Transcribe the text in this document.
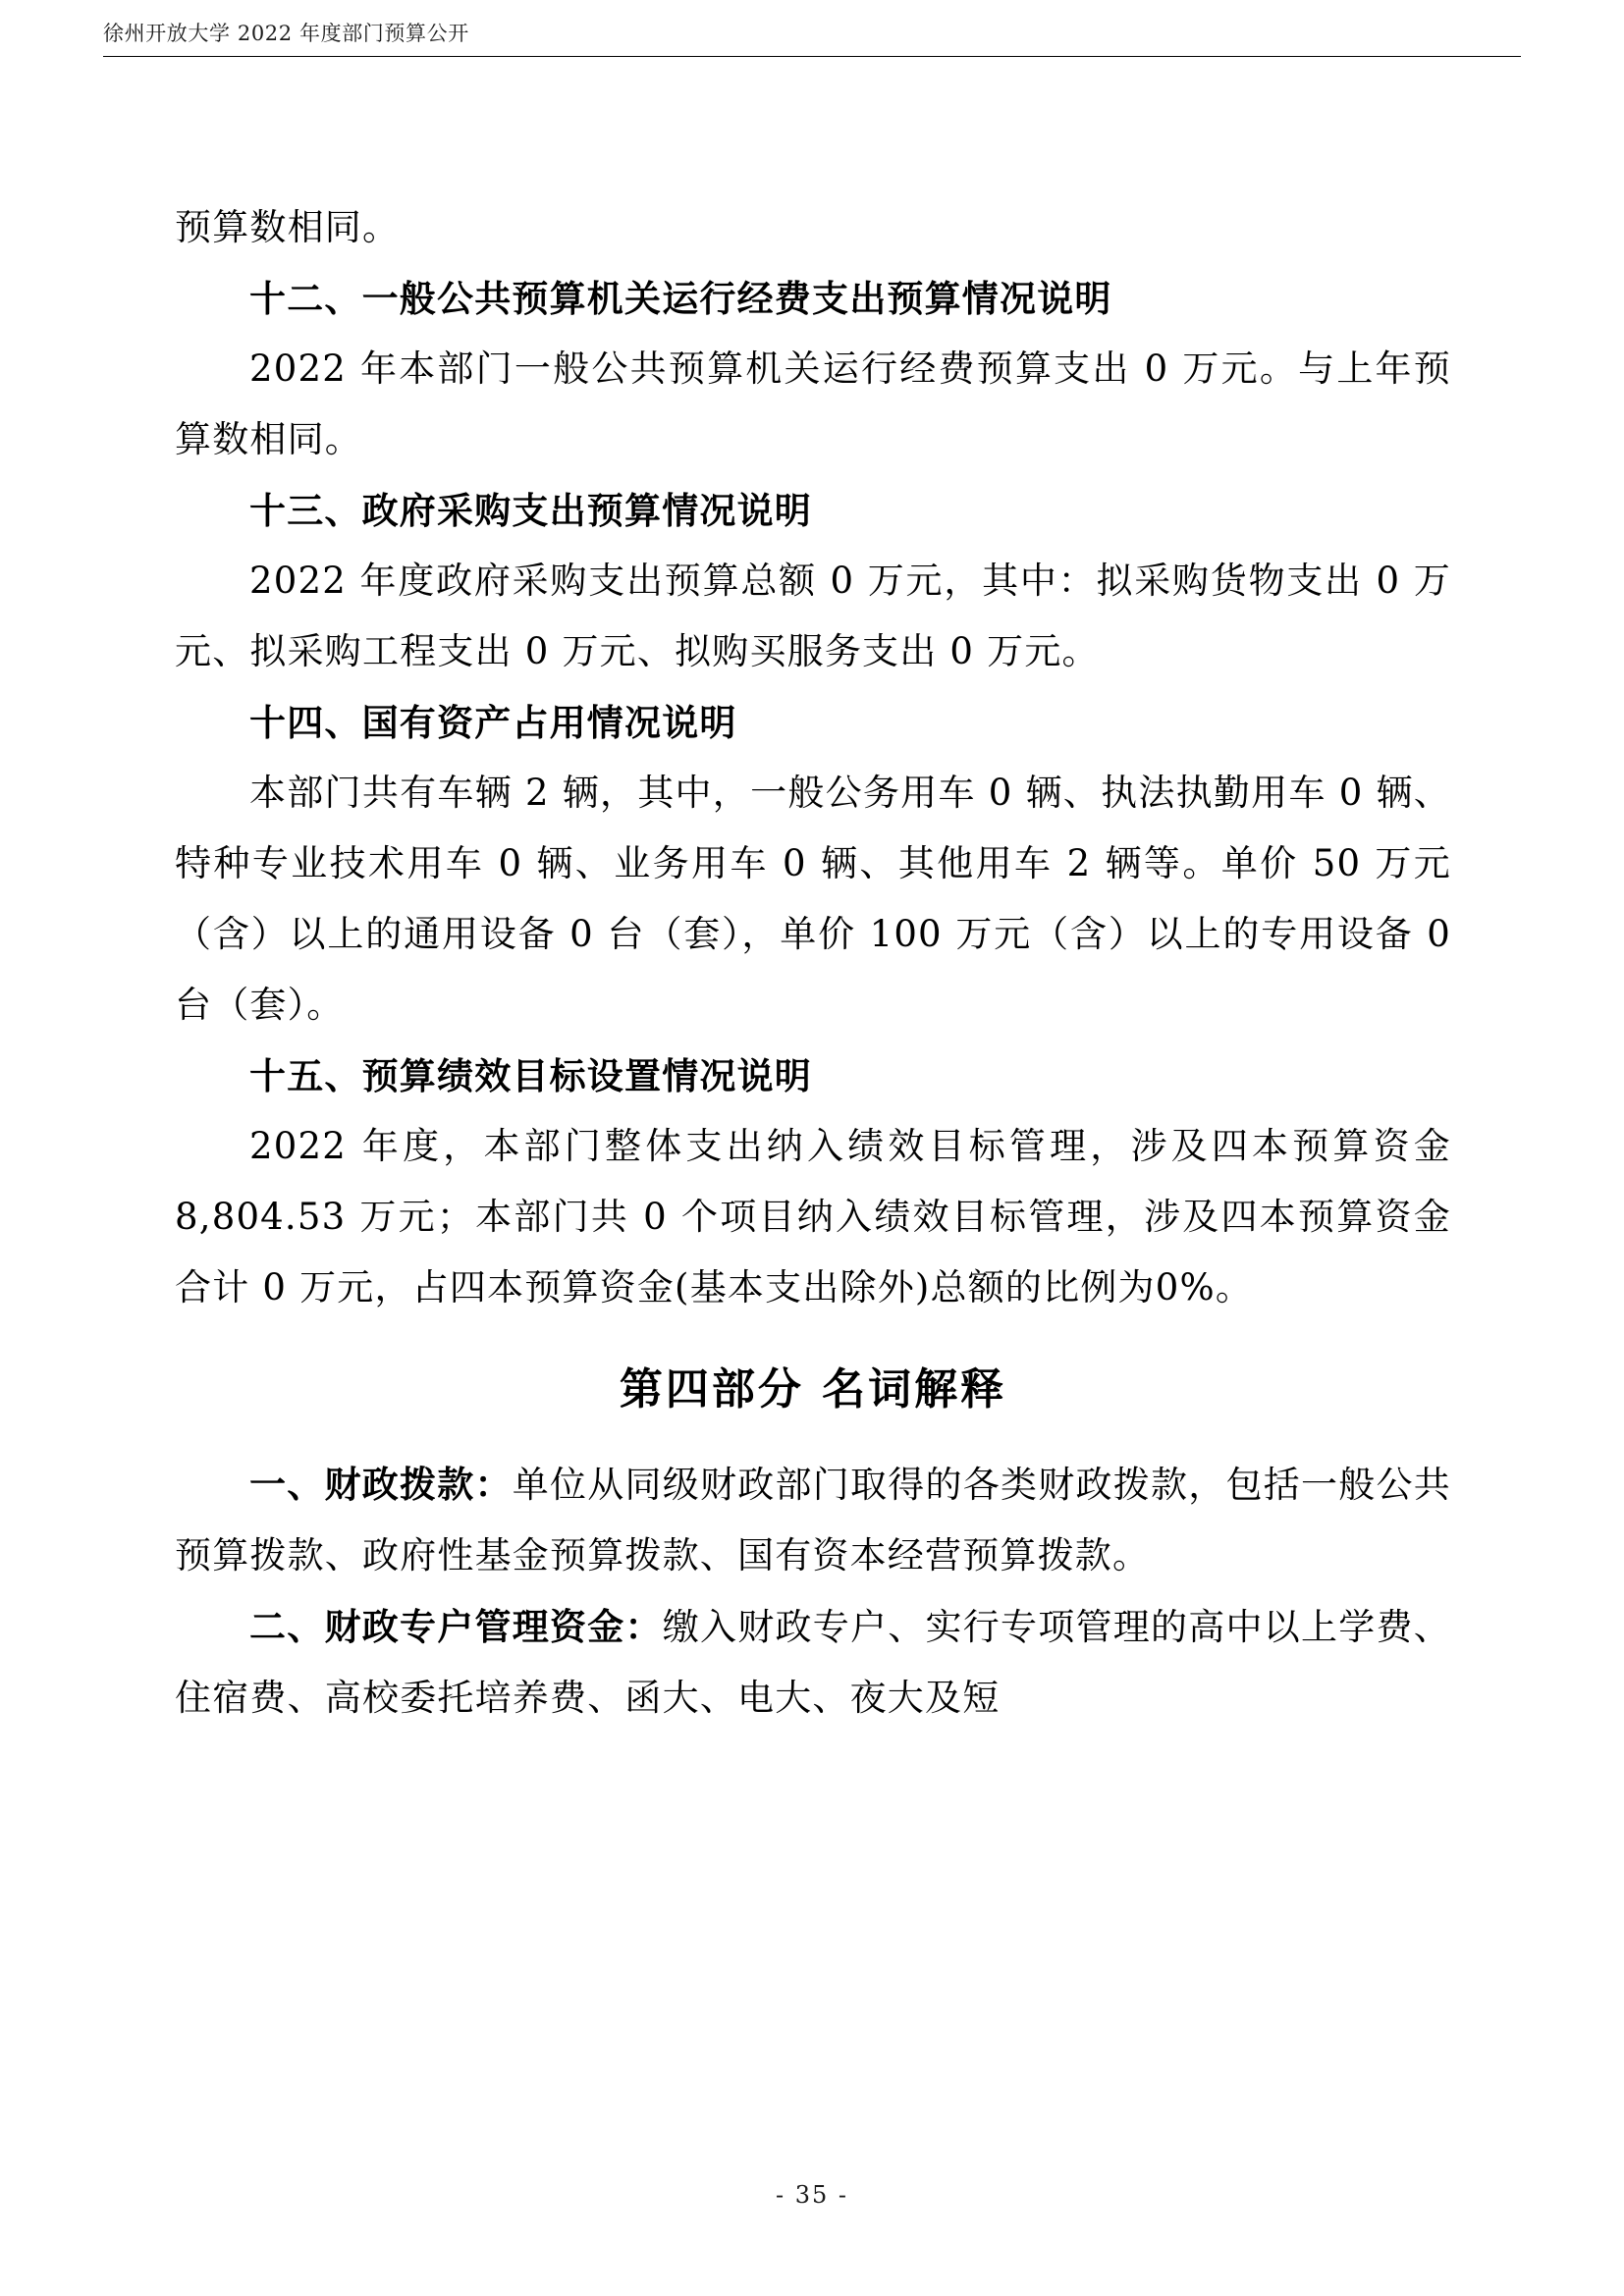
徐州开放大学 2022 年度部门预算公开

预算数相同。

十二、一般公共预算机关运行经费支出预算情况说明

2022 年本部门一般公共预算机关运行经费预算支出 0 万元。与上年预算数相同。

十三、政府采购支出预算情况说明

2022 年度政府采购支出预算总额 0 万元，其中：拟采购货物支出 0 万元、拟采购工程支出 0 万元、拟购买服务支出 0 万元。

十四、国有资产占用情况说明

本部门共有车辆 2 辆，其中，一般公务用车 0 辆、执法执勤用车 0 辆、特种专业技术用车 0 辆、业务用车 0 辆、其他用车 2 辆等。单价 50 万元（含）以上的通用设备 0 台（套），单价 100 万元（含）以上的专用设备 0 台（套）。

十五、预算绩效目标设置情况说明

2022 年度，本部门整体支出纳入绩效目标管理，涉及四本预算资金 8,804.53 万元；本部门共 0 个项目纳入绩效目标管理，涉及四本预算资金合计 0 万元，占四本预算资金(基本支出除外)总额的比例为0%。

第四部分 名词解释

一、财政拨款：单位从同级财政部门取得的各类财政拨款，包括一般公共预算拨款、政府性基金预算拨款、国有资本经营预算拨款。

二、财政专户管理资金：缴入财政专户、实行专项管理的高中以上学费、住宿费、高校委托培养费、函大、电大、夜大及短

- 35 -
